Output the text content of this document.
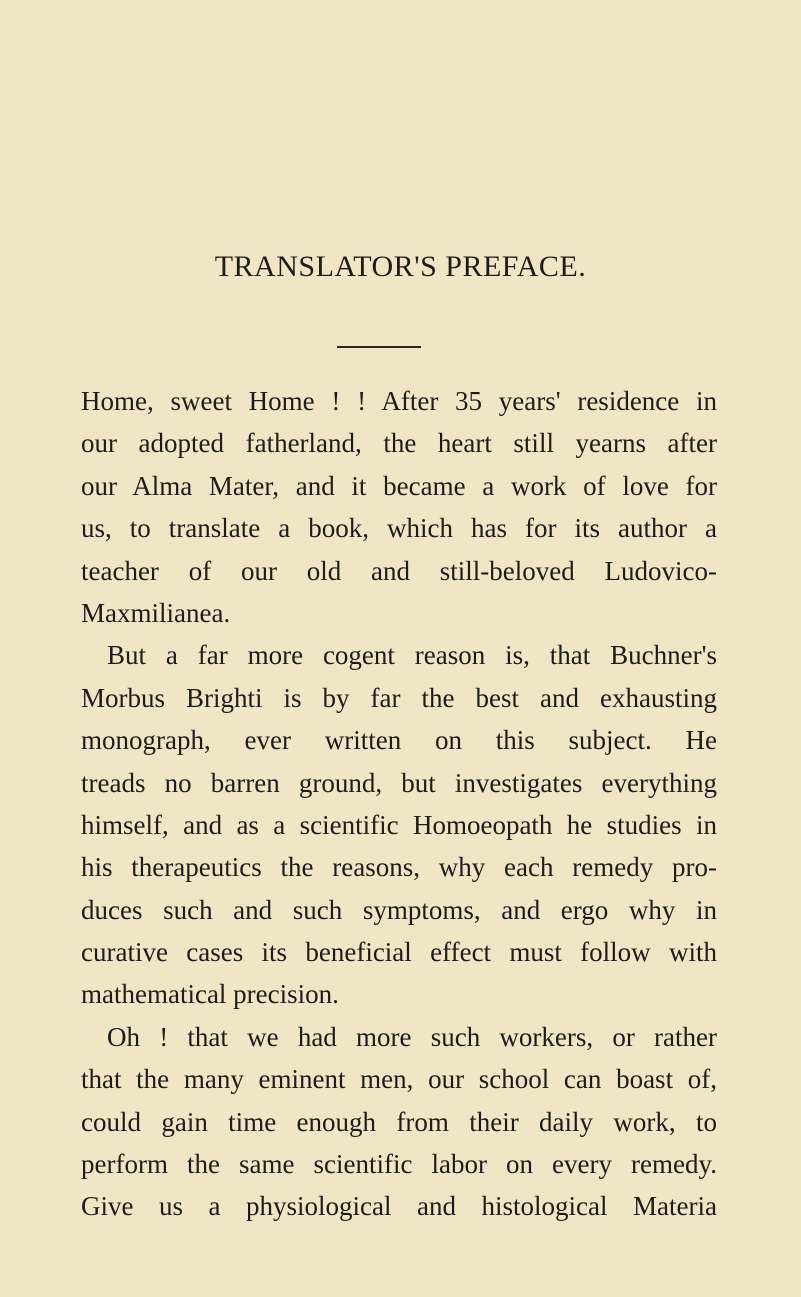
TRANSLATOR'S PREFACE.
Home, sweet Home ! ! After 35 years' residence in
our adopted fatherland, the heart still yearns after
our Alma Mater, and it became a work of love for
us, to translate a book, which has for its author a
teacher of our old and still-beloved Ludovico-
Maxmilianea.
But a far more cogent reason is, that Buchner's
Morbus Brighti is by far the best and exhausting
monograph, ever written on this subject. He
treads no barren ground, but investigates everything
himself, and as a scientific Homoeopath he studies in
his therapeutics the reasons, why each remedy pro-
duces such and such symptoms, and ergo why in
curative cases its beneficial effect must follow with
mathematical precision.
Oh ! that we had more such workers, or rather
that the many eminent men, our school can boast of,
could gain time enough from their daily work, to
perform the same scientific labor on every remedy.
Give us a physiological and histological Materia
